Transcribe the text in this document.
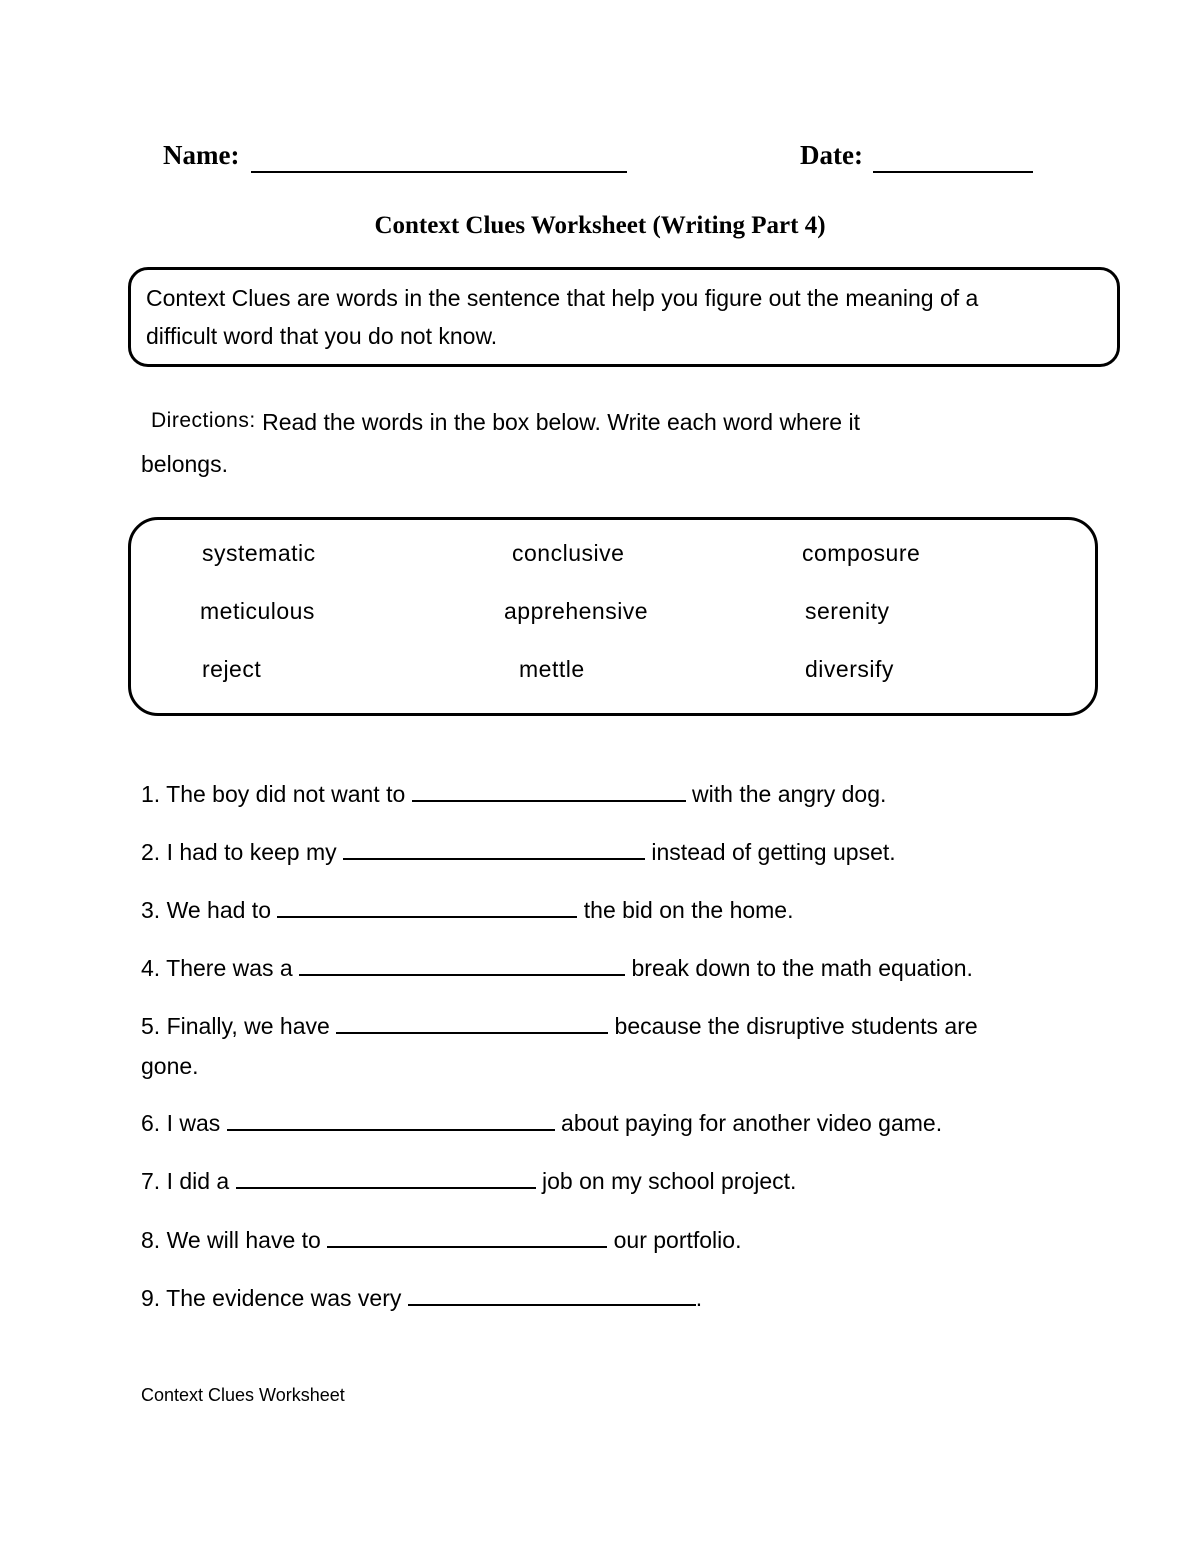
Name:	Date:
Context Clues Worksheet (Writing Part 4)
Context Clues are words in the sentence that help you figure out the meaning of a
difficult word that you do not know.
Directions: Read the words in the box below. Write each word where it
belongs.
systematic	conclusive	composure
meticulous	apprehensive	serenity
reject	mettle	diversify
1. The boy did not want to	with the angry dog.
2. I had to keep my	instead of getting upset.
3. We had to	the bid on the home.
4. There was a	break down to the math equation.
5. Finally, we have	because the disruptive students are
gone.
6. I was	about paying for another video game.
7. I did a	job on my school project.
8. We will have to	our portfolio.
9. The evidence was very	.
Context Clues Worksheet
